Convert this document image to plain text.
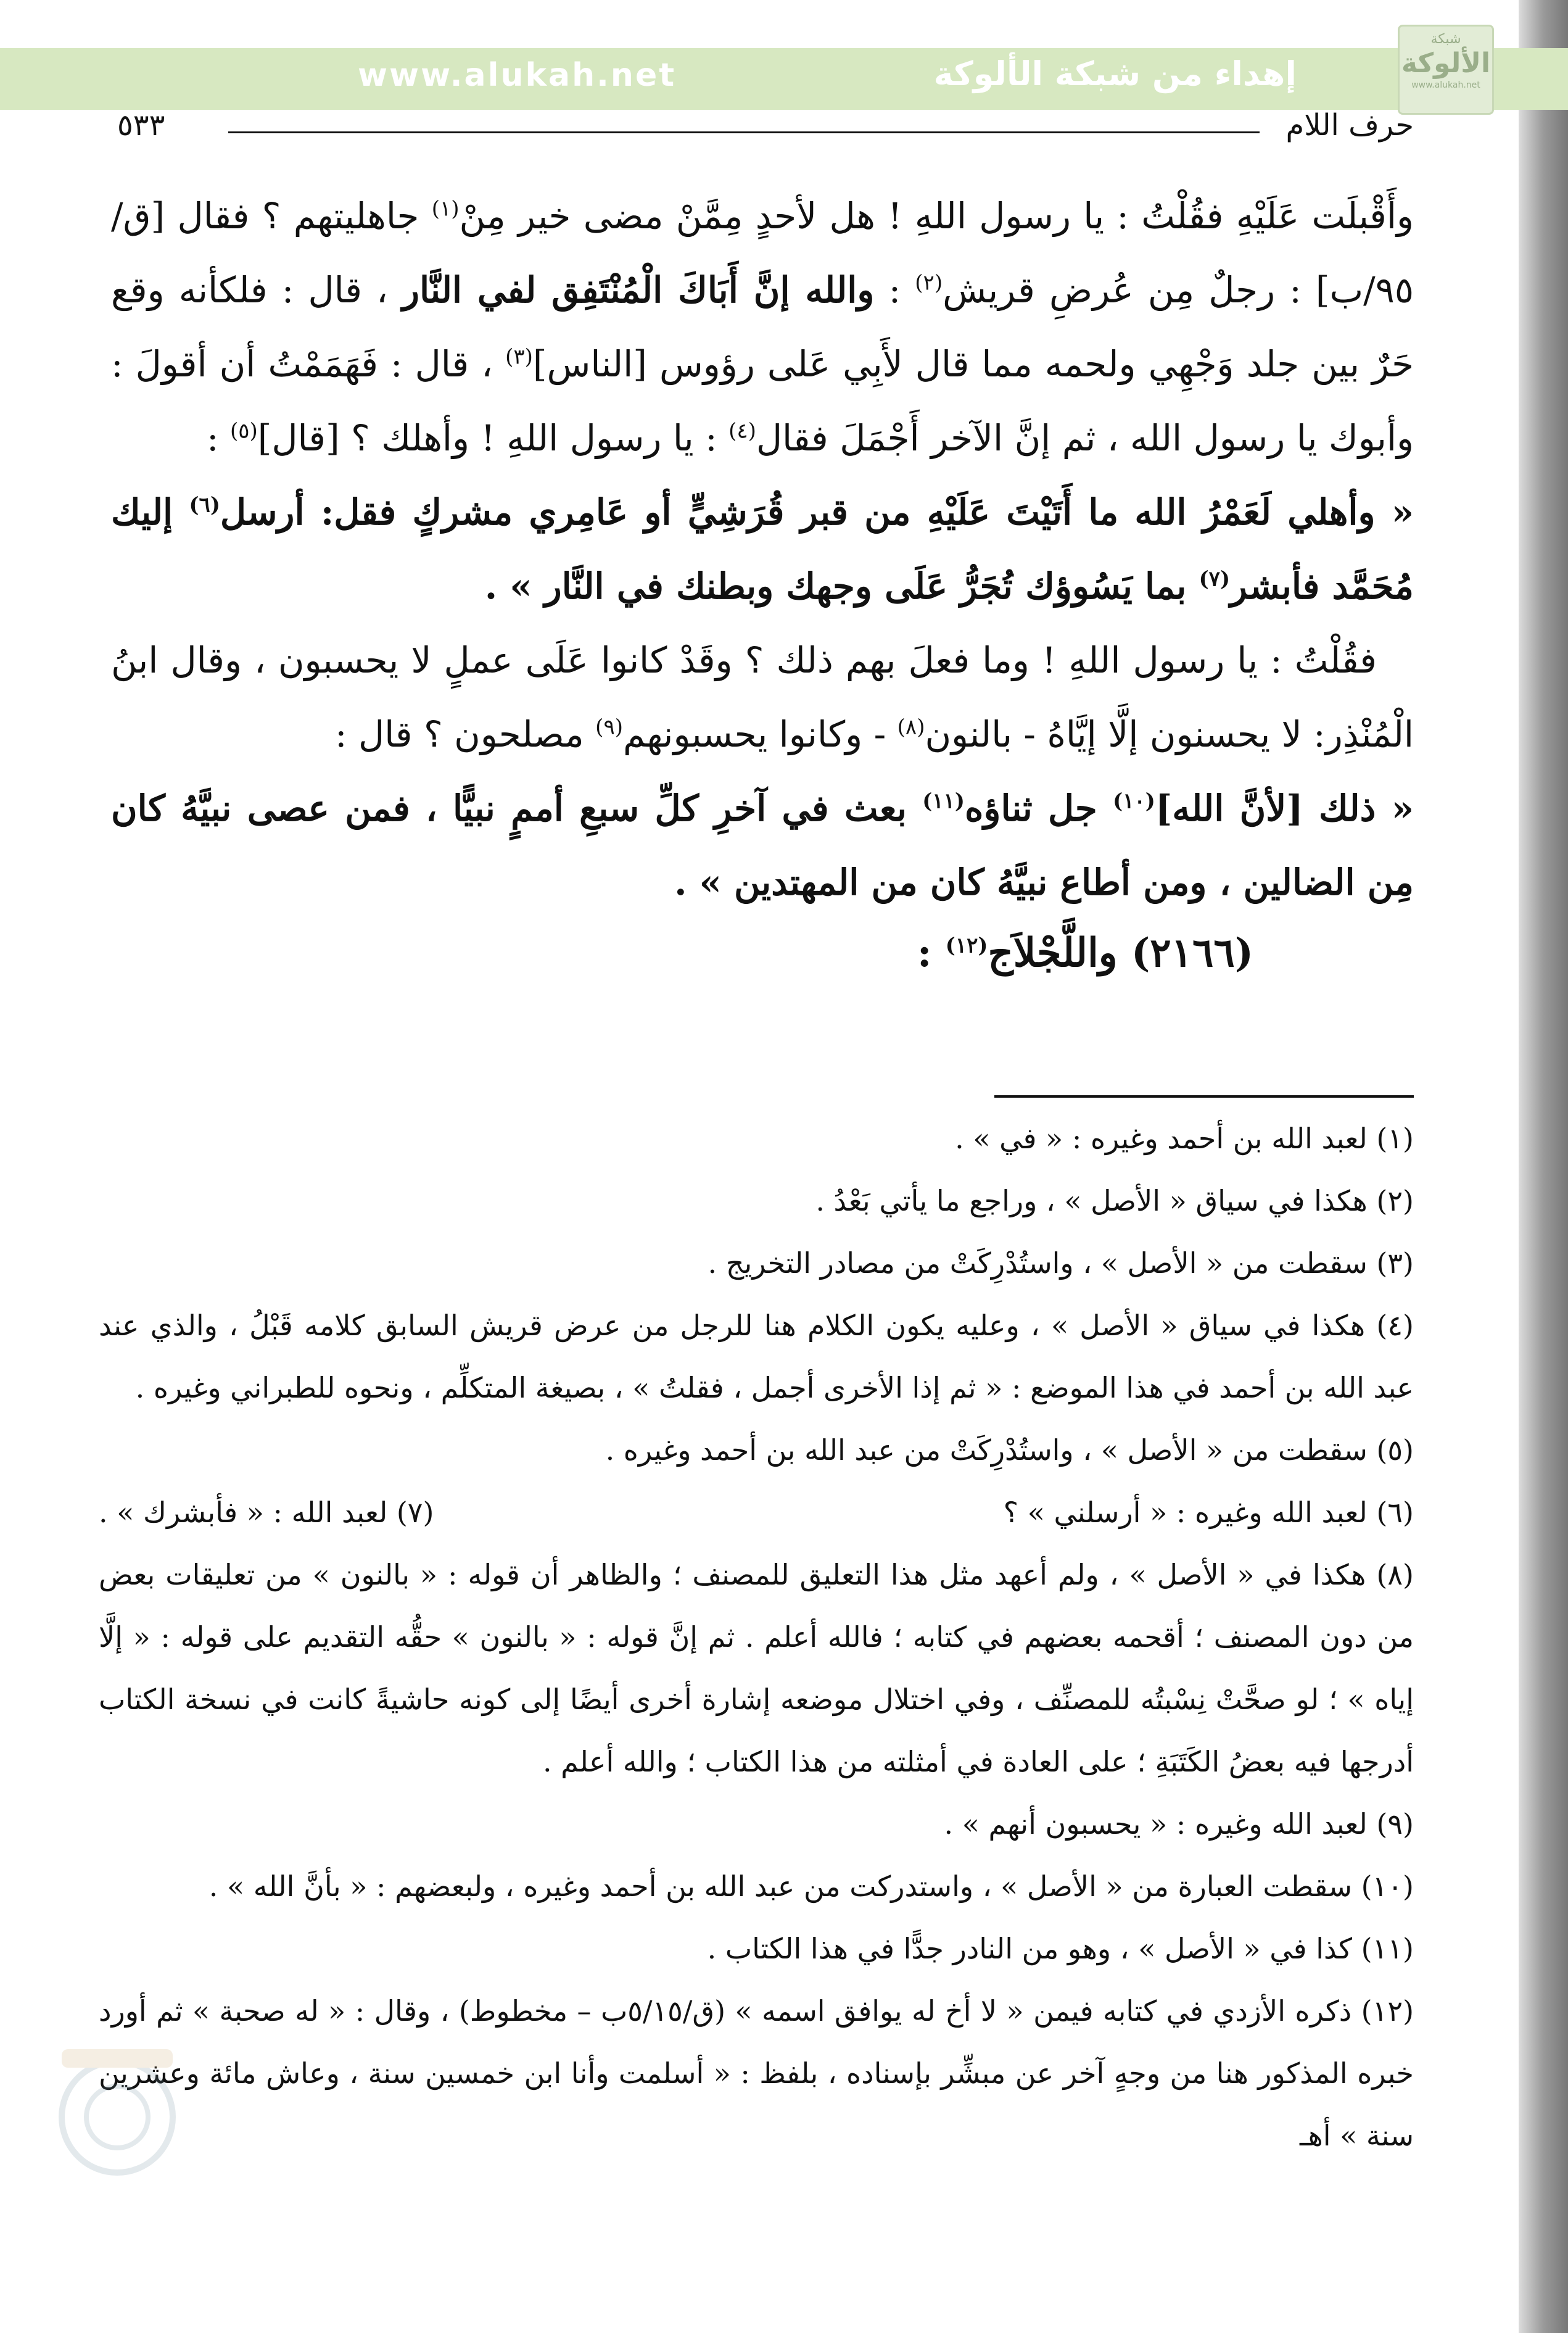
إهداء من شبكة الألوكة
www.alukah.net
شبكة
الألوكة
www.alukah.net
حرف اللام
٥٣٣

وأَقْبلَت عَلَيْهِ فقُلْتُ : يا رسول اللهِ ! هل لأحدٍ مِمَّنْ مضى خير مِنْ$^{(١)}$ جاهليتهم ؟ فقال [ق/ ٩٥/ب] : رجلٌ مِن عُرضِ قريش$^{(٢)}$ : والله إنَّ أَبَاكَ الْمُنْتَفِق لفي النَّار ، قال : فلكأنه وقع حَرٌ بين جلد وَجْهِي ولحمه مما قال لأَبِي عَلى رؤوس [الناس]$^{(٣)}$ ، قال : فَهَمَمْتُ أن أقولَ : وأبوك يا رسول الله ، ثم إنَّ الآخر أَجْمَلَ فقال$^{(٤)}$ : يا رسول اللهِ ! وأهلك ؟ [قال]$^{(٥)}$ :

« وأهلي لَعَمْرُ الله ما أَتَيْتَ عَلَيْهِ من قبر قُرَشِيٍّ أو عَامِري مشركٍ فقل: أرسل$^{(٦)}$ إليك مُحَمَّد فأبشر$^{(٧)}$ بما يَسُوؤك تُجَرُّ عَلَى وجهك وبطنك في النَّار » .

فقُلْتُ : يا رسول اللهِ ! وما فعلَ بهم ذلك ؟ وقَدْ كانوا عَلَى عملٍ لا يحسبون ، وقال ابنُ الْمُنْذِر: لا يحسنون إلَّا إيَّاهُ - بالنون$^{(٨)}$ - وكانوا يحسبونهم$^{(٩)}$ مصلحون ؟ قال :

« ذلك [لأنَّ الله]$^{(١٠)}$ جل ثناؤه$^{(١١)}$ بعث في آخرِ كلِّ سبعِ أممٍ نبيًّا ، فمن عصى نبيَّهُ كان مِن الضالين ، ومن أطاع نبيَّهُ كان من المهتدين » .

(٢١٦٦) واللَّجْلاَج$^{(١٢)}$ :

(١) لعبد الله بن أحمد وغيره : « في » .

(٢) هكذا في سياق « الأصل » ، وراجع ما يأتي بَعْدُ .

(٣) سقطت من « الأصل » ، واستُدْرِكَتْ من مصادر التخريج .

(٤) هكذا في سياق « الأصل » ، وعليه يكون الكلام هنا للرجل من عرض قريش السابق كلامه قَبْلُ ، والذي عند عبد الله بن أحمد في هذا الموضع : « ثم إذا الأخرى أجمل ، فقلتُ » ، بصيغة المتكلِّم ، ونحوه للطبراني وغيره .

(٥) سقطت من « الأصل » ، واستُدْرِكَتْ من عبد الله بن أحمد وغيره .

(٦) لعبد الله وغيره : « أرسلني » ؟
(٧) لعبد الله : « فأبشرك » .

(٨) هكذا في « الأصل » ، ولم أعهد مثل هذا التعليق للمصنف ؛ والظاهر أن قوله : « بالنون » من تعليقات بعض من دون المصنف ؛ أقحمه بعضهم في كتابه ؛ فالله أعلم . ثم إنَّ قوله : « بالنون » حقُّه التقديم على قوله : « إلَّا إياه » ؛ لو صحَّتْ نِسْبتُه للمصنِّف ، وفي اختلال موضعه إشارة أخرى أيضًا إلى كونه حاشيةً كانت في نسخة الكتاب أدرجها فيه بعضُ الكَتَبَةِ ؛ على العادة في أمثلته من هذا الكتاب ؛ والله أعلم .

(٩) لعبد الله وغيره : « يحسبون أنهم » .

(١٠) سقطت العبارة من « الأصل » ، واستدركت من عبد الله بن أحمد وغيره ، ولبعضهم : « بأنَّ الله » .

(١١) كذا في « الأصل » ، وهو من النادر جدًّا في هذا الكتاب .

(١٢) ذكره الأزدي في كتابه فيمن « لا أخ له يوافق اسمه » (ق/٥/١٥ب – مخطوط) ، وقال : « له صحبة » ثم أورد خبره المذكور هنا من وجهٍ آخر عن مبشِّر بإسناده ، بلفظ : « أسلمت وأنا ابن خمسين سنة ، وعاش مائة وعشرين سنة » أهـ
